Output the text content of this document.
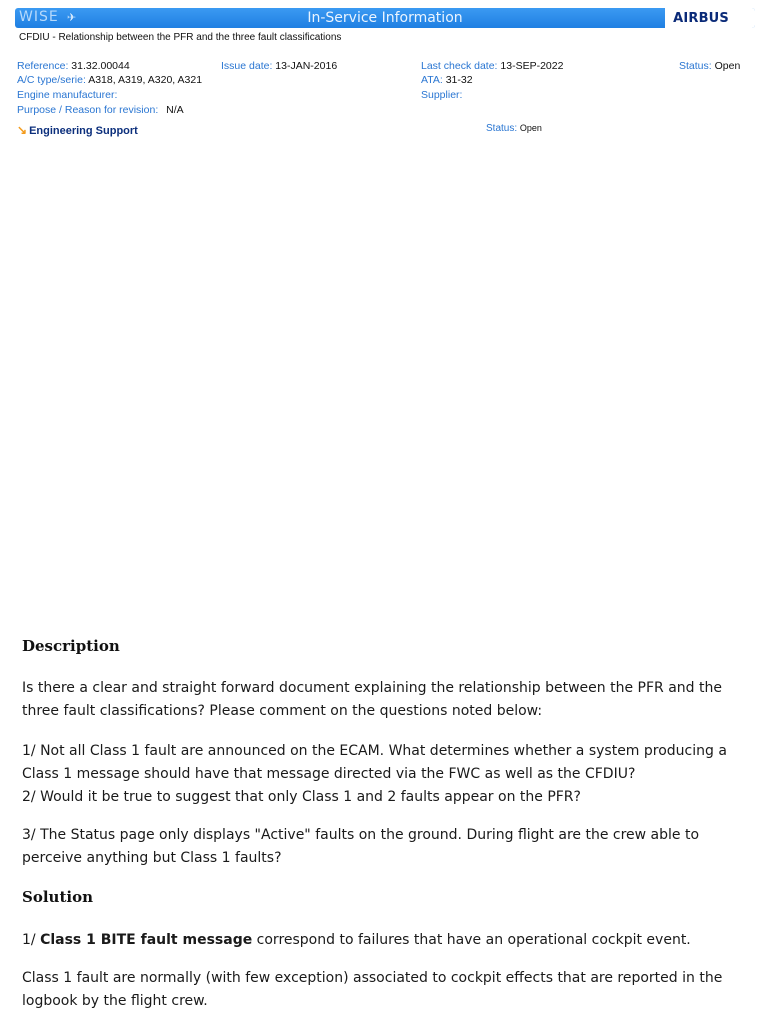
WISE ✈	In-Service Information	AIRBUS
CFDIU - Relationship between the PFR and the three fault classifications
Reference: 31.32.00044	Issue date: 13-JAN-2016	Last check date: 13-SEP-2022	Status: Open
A/C type/serie: A318, A319, A320, A321	ATA: 31-32
Engine manufacturer:	Supplier:
Purpose / Reason for revision: N/A
↘ Engineering Support	Status: Open
Description
Is there a clear and straight forward document explaining the relationship between the PFR and the three fault classifications? Please comment on the questions noted below:
1/ Not all Class 1 fault are announced on the ECAM. What determines whether a system producing a Class 1 message should have that message directed via the FWC as well as the CFDIU?
2/ Would it be true to suggest that only Class 1 and 2 faults appear on the PFR?
3/ The Status page only displays "Active" faults on the ground. During flight are the crew able to perceive anything but Class 1 faults?
Solution
1/ Class 1 BITE fault message correspond to failures that have an operational cockpit event.
Class 1 fault are normally (with few exception) associated to cockpit effects that are reported in the logbook by the flight crew.
